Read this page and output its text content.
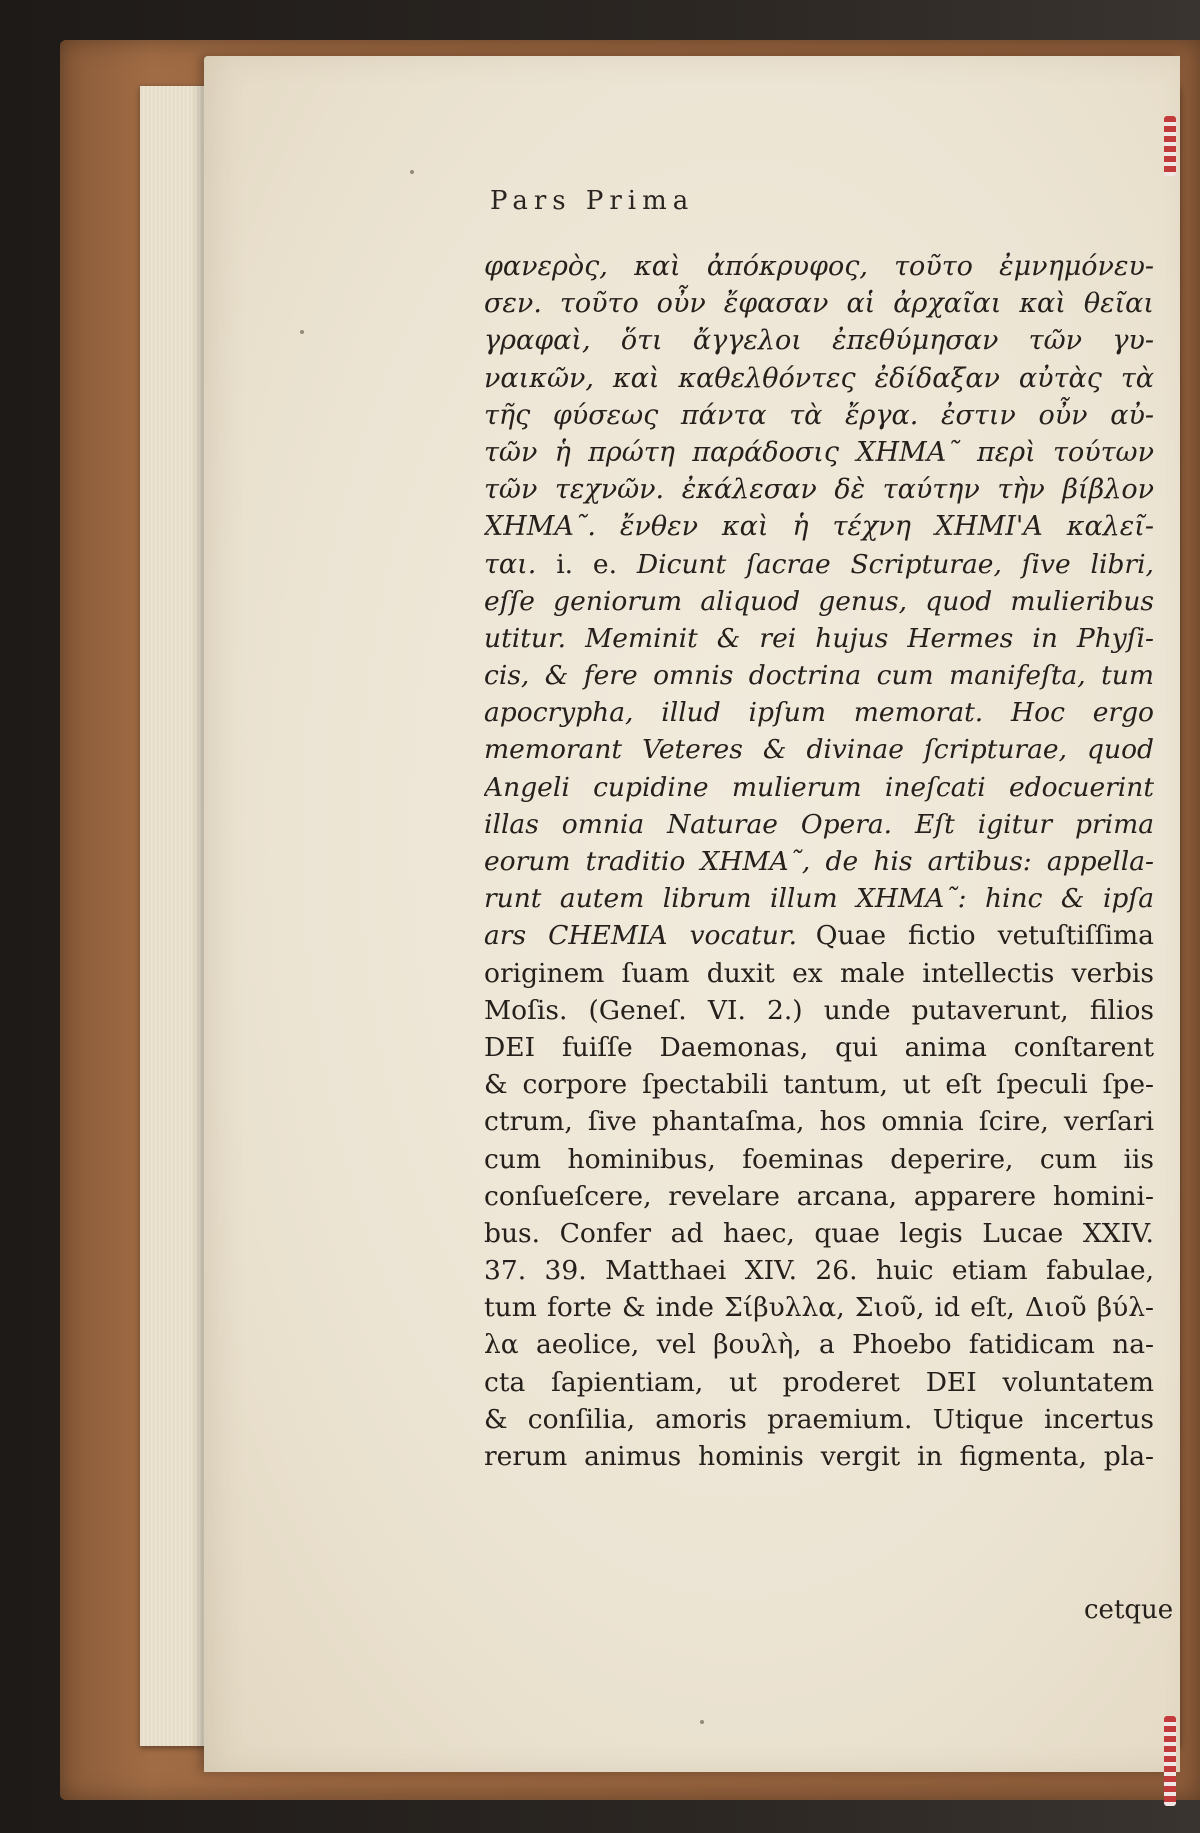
Pars Prima
φανερὸς, καὶ ἀπόκρυφος, τοῦτο ἐμνημόνευ-
σεν. τοῦτο οὖν ἔφασαν αἱ ἀρχαῖαι καὶ θεῖαι
γραφαὶ, ὅτι ἄγγελοι ἐπεθύμησαν τῶν γυ-
ναικῶν, καὶ καθελθόντες ἐδίδαξαν αὐτὰς τὰ
τῆς φύσεως πάντα τὰ ἔργα. ἐστιν οὖν αὐ-
τῶν ἡ πρώτη παράδοσις XHMA῀ περὶ τούτων
τῶν τεχνῶν. ἐκάλεσαν δὲ ταύτην τὴν βίβλον
XHMA῀. ἔνθεν καὶ ἡ τέχνη XHMI'A καλεῖ-
ται. i. e. Dicunt ſacrae Scripturae, ſive libri,
eſſe geniorum aliquod genus, quod mulieribus
utitur. Meminit & rei hujus Hermes in Phyſi-
cis, & fere omnis doctrina cum manifeſta, tum
apocrypha, illud ipſum memorat. Hoc ergo
memorant Veteres & divinae ſcripturae, quod
Angeli cupidine mulierum ineſcati edocuerint
illas omnia Naturae Opera. Eſt igitur prima
eorum traditio XHMA῀, de his artibus: appella-
runt autem librum illum XHMA῀: hinc & ipſa
ars CHEMIA vocatur. Quae fictio vetuſtiſſima
originem ſuam duxit ex male intellectis verbis
Moſis. (Geneſ. VI. 2.) unde putaverunt, filios
DEI fuiſſe Daemonas, qui anima conſtarent
& corpore ſpectabili tantum, ut eſt ſpeculi ſpe-
ctrum, ſive phantaſma, hos omnia ſcire, verſari
cum hominibus, foeminas deperire, cum iis
conſueſcere, revelare arcana, apparere homini-
bus. Confer ad haec, quae legis Lucae XXIV.
37. 39. Matthaei XIV. 26. huic etiam fabulae,
tum forte & inde Σίβυλλα, Σιοῦ, id eſt, Διοῦ βύλ-
λα aeolice, vel βουλὴ, a Phoebo fatidicam na-
cta ſapientiam, ut proderet DEI voluntatem
& conſilia, amoris praemium. Utique incertus
rerum animus hominis vergit in figmenta, pla-
cetque
